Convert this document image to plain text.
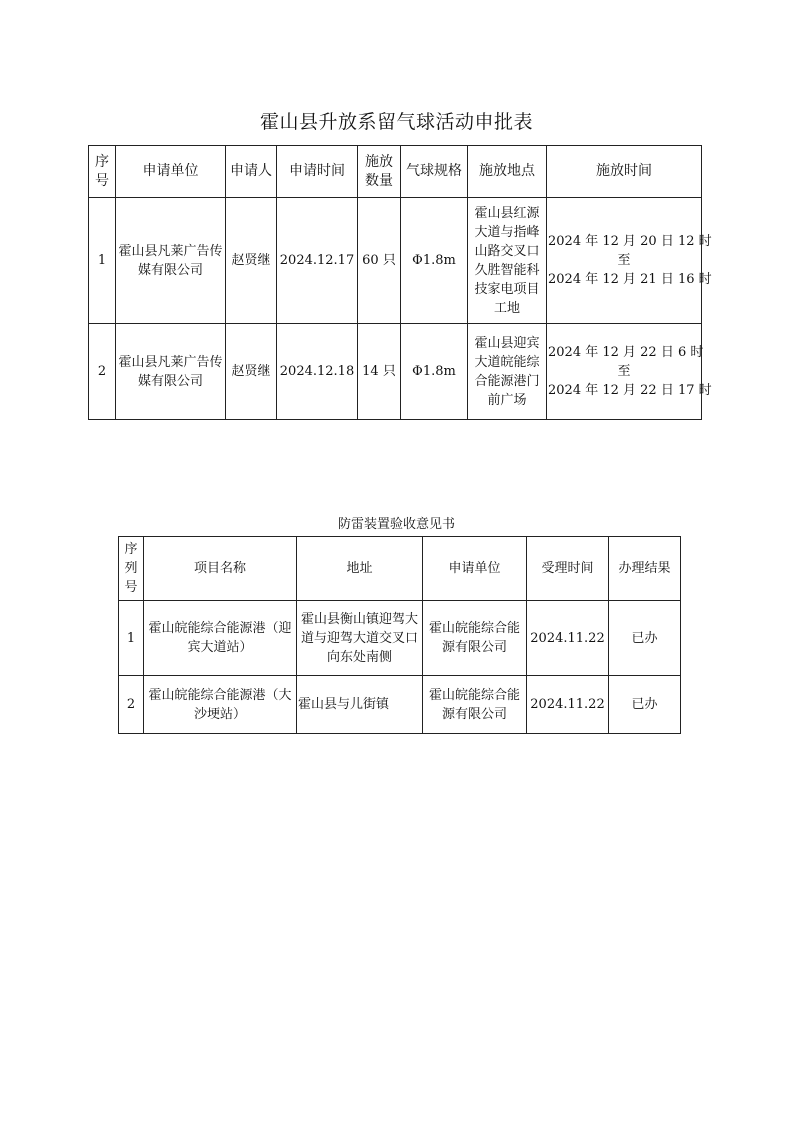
霍山县升放系留气球活动申批表
序号	申请单位	申请人	申请时间	施放数量	气球规格	施放地点	施放时间
1	霍山县凡莱广告传媒有限公司	赵贤继	2024.12.17	60 只	Φ1.8m	霍山县红源大道与指峰山路交叉口久胜智能科技家电项目工地	2024 年 12 月 20 日 12 时
至
2024 年 12 月 21 日 16 时

2	霍山县凡莱广告传媒有限公司	赵贤继	2024.12.18	14 只	Φ1.8m	霍山县迎宾大道皖能综合能源港门前广场	2024 年 12 月 22 日 6 时
至
2024 年 12 月 22 日 17 时
防雷装置验收意见书
序列号	项目名称	地址	申请单位	受理时间	办理结果
1	霍山皖能综合能源港（迎宾大道站）	霍山县衡山镇迎驾大道与迎驾大道交叉口向东处南侧	霍山皖能综合能源有限公司	2024.11.22	已办
2	霍山皖能综合能源港（大沙埂站）	霍山县与儿街镇	霍山皖能综合能源有限公司	2024.11.22	已办
